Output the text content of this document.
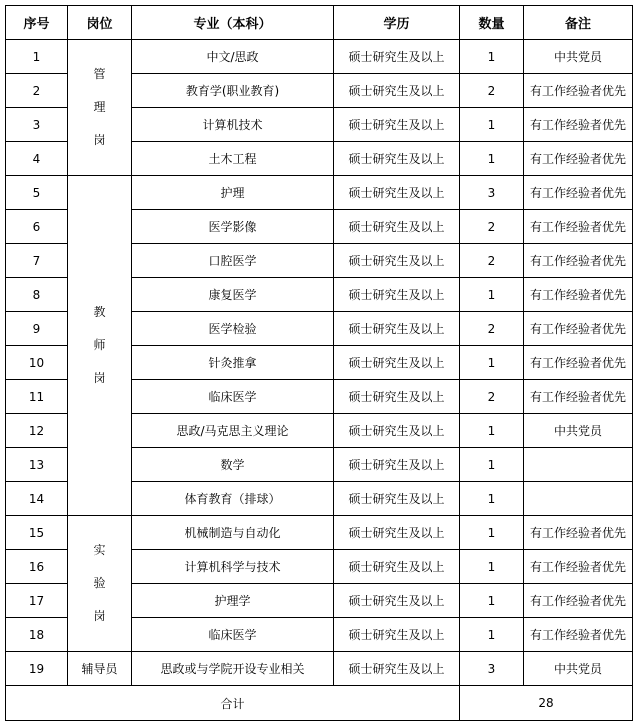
序号	岗位	专业（本科）	学历	数量	备注
1	管
理
岗	中文/思政	硕士研究生及以上	1	中共党员
2		教育学(职业教育)	硕士研究生及以上	2	有工作经验者优先
3		计算机技术	硕士研究生及以上	1	有工作经验者优先
4		土木工程	硕士研究生及以上	1	有工作经验者优先
5	教
师
岗	护理	硕士研究生及以上	3	有工作经验者优先
6		医学影像	硕士研究生及以上	2	有工作经验者优先
7		口腔医学	硕士研究生及以上	2	有工作经验者优先
8		康复医学	硕士研究生及以上	1	有工作经验者优先
9		医学检验	硕士研究生及以上	2	有工作经验者优先
10		针灸推拿	硕士研究生及以上	1	有工作经验者优先
11		临床医学	硕士研究生及以上	2	有工作经验者优先
12		思政/马克思主义理论	硕士研究生及以上	1	中共党员
13		数学	硕士研究生及以上	1	
14		体育教育（排球）	硕士研究生及以上	1	
15	实
验
岗	机械制造与自动化	硕士研究生及以上	1	有工作经验者优先
16		计算机科学与技术	硕士研究生及以上	1	有工作经验者优先
17		护理学	硕士研究生及以上	1	有工作经验者优先
18		临床医学	硕士研究生及以上	1	有工作经验者优先
19	辅导员	思政或与学院开设专业相关	硕士研究生及以上	3	中共党员
合计				28	
